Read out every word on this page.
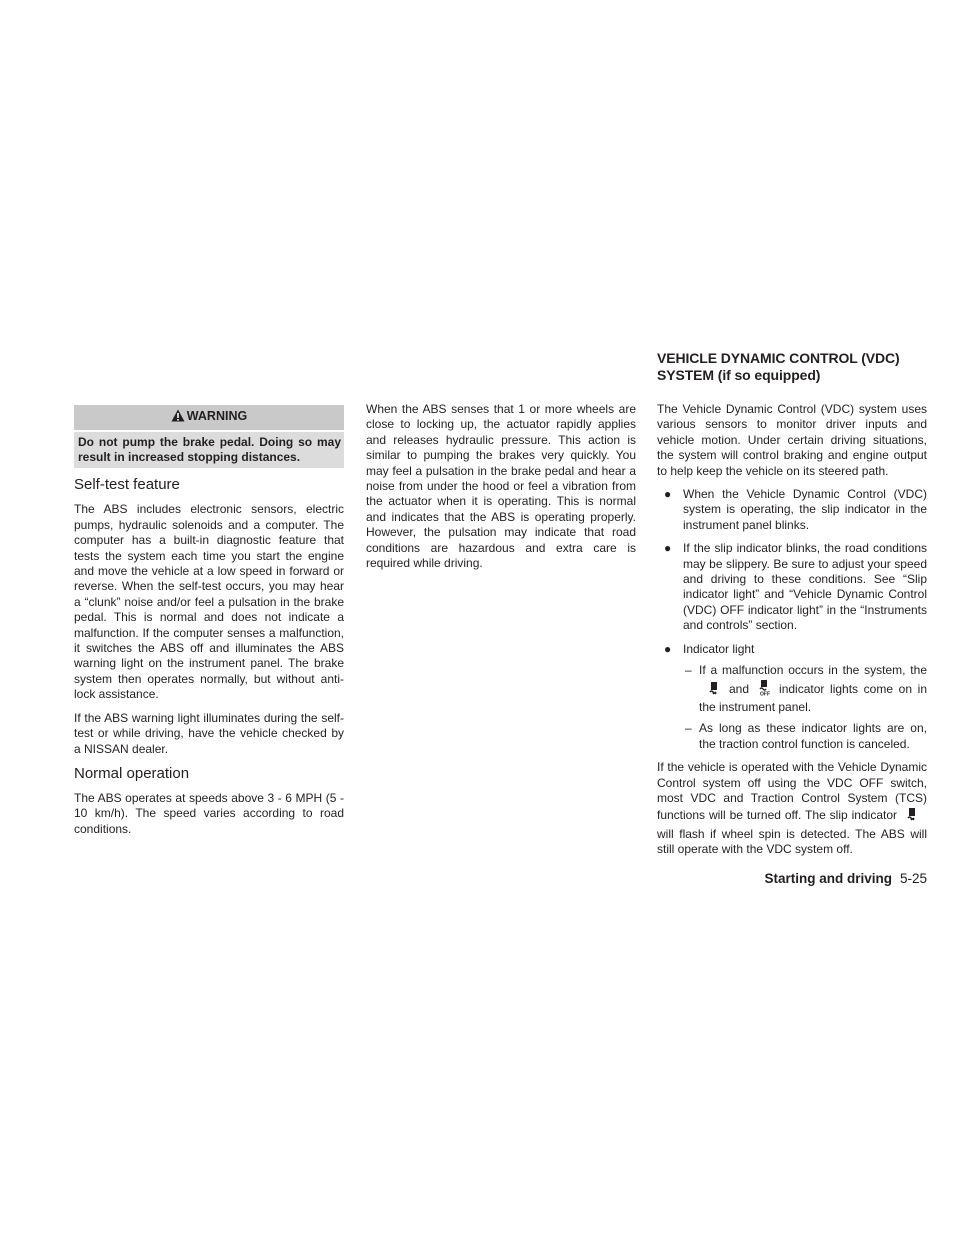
WARNING
Do not pump the brake pedal. Doing so may result in increased stopping distances.
Self-test feature

The ABS includes electronic sensors, electric pumps, hydraulic solenoids and a computer. The computer has a built-in diagnostic feature that tests the system each time you start the engine and move the vehicle at a low speed in forward or reverse. When the self-test occurs, you may hear a “clunk” noise and/or feel a pulsation in the brake pedal. This is normal and does not indicate a malfunction. If the computer senses a malfunction, it switches the ABS off and illuminates the ABS warning light on the instrument panel. The brake system then operates normally, but without anti-lock assistance.

If the ABS warning light illuminates during the self-test or while driving, have the vehicle checked by a NISSAN dealer.

Normal operation

The ABS operates at speeds above 3 - 6 MPH (5 - 10 km/h). The speed varies according to road conditions.

When the ABS senses that 1 or more wheels are close to locking up, the actuator rapidly applies and releases hydraulic pressure. This action is similar to pumping the brakes very quickly. You may feel a pulsation in the brake pedal and hear a noise from under the hood or feel a vibration from the actuator when it is operating. This is normal and indicates that the ABS is operating properly. However, the pulsation may indicate that road conditions are hazardous and extra care is required while driving.

VEHICLE DYNAMIC CONTROL (VDC) SYSTEM (if so equipped)

The Vehicle Dynamic Control (VDC) system uses various sensors to monitor driver inputs and vehicle motion. Under certain driving situations, the system will control braking and engine output to help keep the vehicle on its steered path.

● When the Vehicle Dynamic Control (VDC) system is operating, the slip indicator in the instrument panel blinks.
● If the slip indicator blinks, the road conditions may be slippery. Be sure to adjust your speed and driving to these conditions. See “Slip indicator light” and “Vehicle Dynamic Control (VDC) OFF indicator light” in the “Instruments and controls” section.
● Indicator light
– If a malfunction occurs in the system, theand OFF indicator lights come on in the instrument panel.
– As long as these indicator lights are on, the traction control function is canceled.

If the vehicle is operated with the Vehicle Dynamic Control system off using the VDC OFF switch, most VDC and Traction Control System (TCS) functions will be turned off. The slip indicatorwill flash if wheel spin is detected. The ABS will still operate with the VDC system off.

Starting and driving 5-25
